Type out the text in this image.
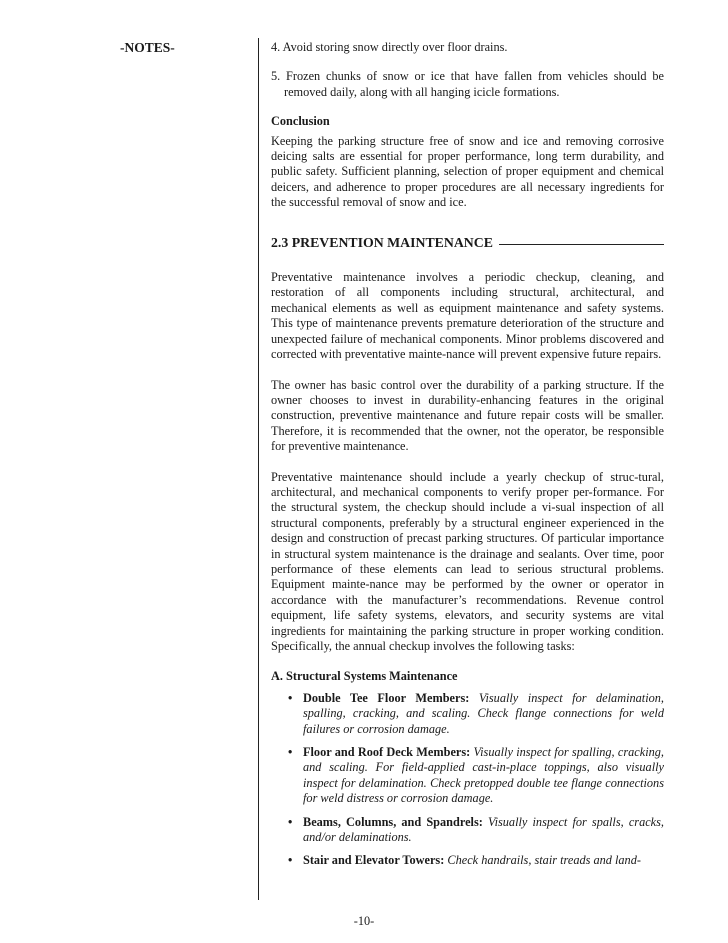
-NOTES-	4. Avoid storing snow directly over floor drains.

5. Frozen chunks of snow or ice that have fallen from vehicles should be removed daily, along with all hanging icicle formations.

Conclusion

Keeping the parking structure free of snow and ice and removing corrosive deicing salts are essential for proper performance, long term durability, and public safety. Sufficient planning, selection of proper equipment and chemical deicers, and adherence to proper procedures are all necessary ingredients for the successful removal of snow and ice.

2.3 PREVENTION MAINTENANCE

Preventative maintenance involves a periodic checkup, cleaning, and restoration of all components including structural, architectural, and mechanical elements as well as equipment maintenance and safety systems. This type of maintenance prevents premature deterioration of the structure and unexpected failure of mechanical components. Minor problems discovered and corrected with preventative mainte-nance will prevent expensive future repairs.

The owner has basic control over the durability of a parking structure. If the owner chooses to invest in durability-enhancing features in the original construction, preventive maintenance and future repair costs will be smaller. Therefore, it is recommended that the owner, not the operator, be responsible for preventive maintenance.

Preventative maintenance should include a yearly checkup of struc-tural, architectural, and mechanical components to verify proper per-formance. For the structural system, the checkup should include a vi-sual inspection of all structural components, preferably by a structural engineer experienced in the design and construction of precast parking structures. Of particular importance in structural system maintenance is the drainage and sealants. Over time, poor performance of these elements can lead to serious structural problems. Equipment mainte-nance may be performed by the owner or operator in accordance with the manufacturer’s recommendations. Revenue control equipment, life safety systems, elevators, and security systems are vital ingredients for maintaining the parking structure in proper working condition. Specifically, the annual checkup involves the following tasks:

A. Structural Systems Maintenance

• Double Tee Floor Members: Visually inspect for delamination, spalling, cracking, and scaling. Check flange connections for weld failures or corrosion damage.
• Floor and Roof Deck Members: Visually inspect for spalling, cracking, and scaling. For field-applied cast-in-place toppings, also visually inspect for delamination. Check pretopped double tee flange connections for weld distress or corrosion damage.
• Beams, Columns, and Spandrels: Visually inspect for spalls, cracks, and/or delaminations.
• Stair and Elevator Towers: Check handrails, stair treads and land-
-10-
